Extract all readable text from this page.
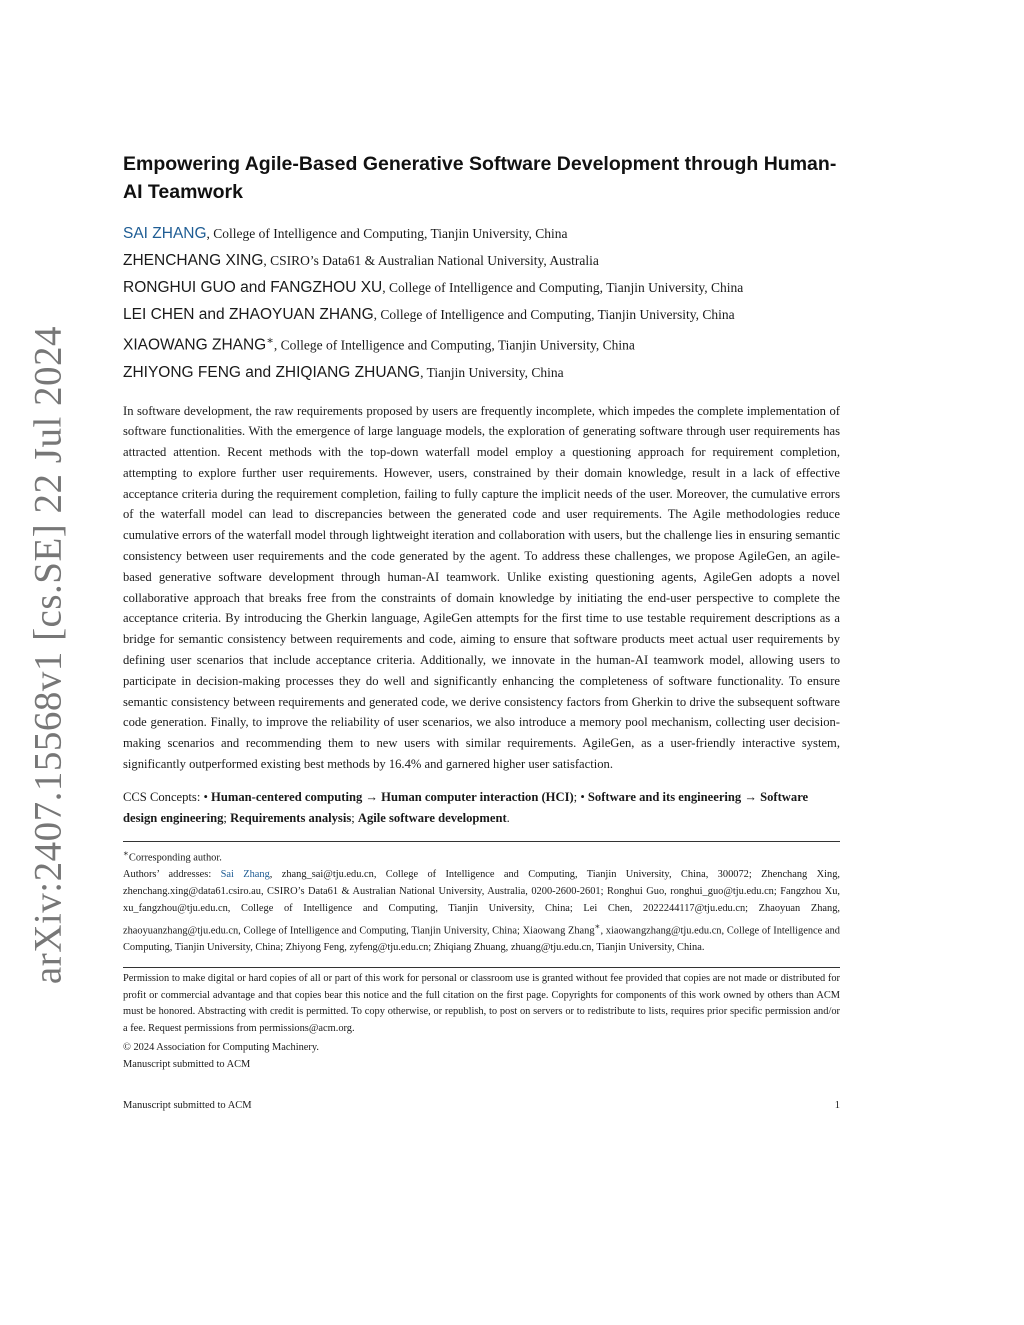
arXiv:2407.15568v1 [cs.SE] 22 Jul 2024
Empowering Agile-Based Generative Software Development through Human-AI Teamwork
SAI ZHANG, College of Intelligence and Computing, Tianjin University, China
ZHENCHANG XING, CSIRO’s Data61 & Australian National University, Australia
RONGHUI GUO and FANGZHOU XU, College of Intelligence and Computing, Tianjin University, China
LEI CHEN and ZHAOYUAN ZHANG, College of Intelligence and Computing, Tianjin University, China
XIAOWANG ZHANG∗, College of Intelligence and Computing, Tianjin University, China
ZHIYONG FENG and ZHIQIANG ZHUANG, Tianjin University, China

In software development, the raw requirements proposed by users are frequently incomplete, which impedes the complete implementation of software functionalities. With the emergence of large language models, the exploration of generating software through user requirements has attracted attention. Recent methods with the top-down waterfall model employ a questioning approach for requirement completion, attempting to explore further user requirements. However, users, constrained by their domain knowledge, result in a lack of effective acceptance criteria during the requirement completion, failing to fully capture the implicit needs of the user. Moreover, the cumulative errors of the waterfall model can lead to discrepancies between the generated code and user requirements. The Agile methodologies reduce cumulative errors of the waterfall model through lightweight iteration and collaboration with users, but the challenge lies in ensuring semantic consistency between user requirements and the code generated by the agent. To address these challenges, we propose AgileGen, an agile-based generative software development through human-AI teamwork. Unlike existing questioning agents, AgileGen adopts a novel collaborative approach that breaks free from the constraints of domain knowledge by initiating the end-user perspective to complete the acceptance criteria. By introducing the Gherkin language, AgileGen attempts for the first time to use testable requirement descriptions as a bridge for semantic consistency between requirements and code, aiming to ensure that software products meet actual user requirements by defining user scenarios that include acceptance criteria. Additionally, we innovate in the human-AI teamwork model, allowing users to participate in decision-making processes they do well and significantly enhancing the completeness of software functionality. To ensure semantic consistency between requirements and generated code, we derive consistency factors from Gherkin to drive the subsequent software code generation. Finally, to improve the reliability of user scenarios, we also introduce a memory pool mechanism, collecting user decision-making scenarios and recommending them to new users with similar requirements. AgileGen, as a user-friendly interactive system, significantly outperformed existing best methods by 16.4% and garnered higher user satisfaction.

CCS Concepts: • Human-centered computing → Human computer interaction (HCI); • Software and its engineering → Software design engineering; Requirements analysis; Agile software development.

∗Corresponding author.
Authors’ addresses: Sai Zhang, zhang_sai@tju.edu.cn, College of Intelligence and Computing, Tianjin University, China, 300072; Zhenchang Xing, zhenchang.xing@data61.csiro.au, CSIRO’s Data61 & Australian National University, Australia, 0200-2600-2601; Ronghui Guo, ronghui_guo@tju.edu.cn; Fangzhou Xu, xu_fangzhou@tju.edu.cn, College of Intelligence and Computing, Tianjin University, China; Lei Chen, 2022244117@tju.edu.cn; Zhaoyuan Zhang, zhaoyuanzhang@tju.edu.cn, College of Intelligence and Computing, Tianjin University, China; Xiaowang Zhang∗, xiaowangzhang@tju.edu.cn, College of Intelligence and Computing, Tianjin University, China; Zhiyong Feng, zyfeng@tju.edu.cn; Zhiqiang Zhuang, zhuang@tju.edu.cn, Tianjin University, China.
Permission to make digital or hard copies of all or part of this work for personal or classroom use is granted without fee provided that copies are not made or distributed for profit or commercial advantage and that copies bear this notice and the full citation on the first page. Copyrights for components of this work owned by others than ACM must be honored. Abstracting with credit is permitted. To copy otherwise, or republish, to post on servers or to redistribute to lists, requires prior specific permission and/or a fee. Request permissions from permissions@acm.org.
© 2024 Association for Computing Machinery.
Manuscript submitted to ACM
Manuscript submitted to ACM	1
